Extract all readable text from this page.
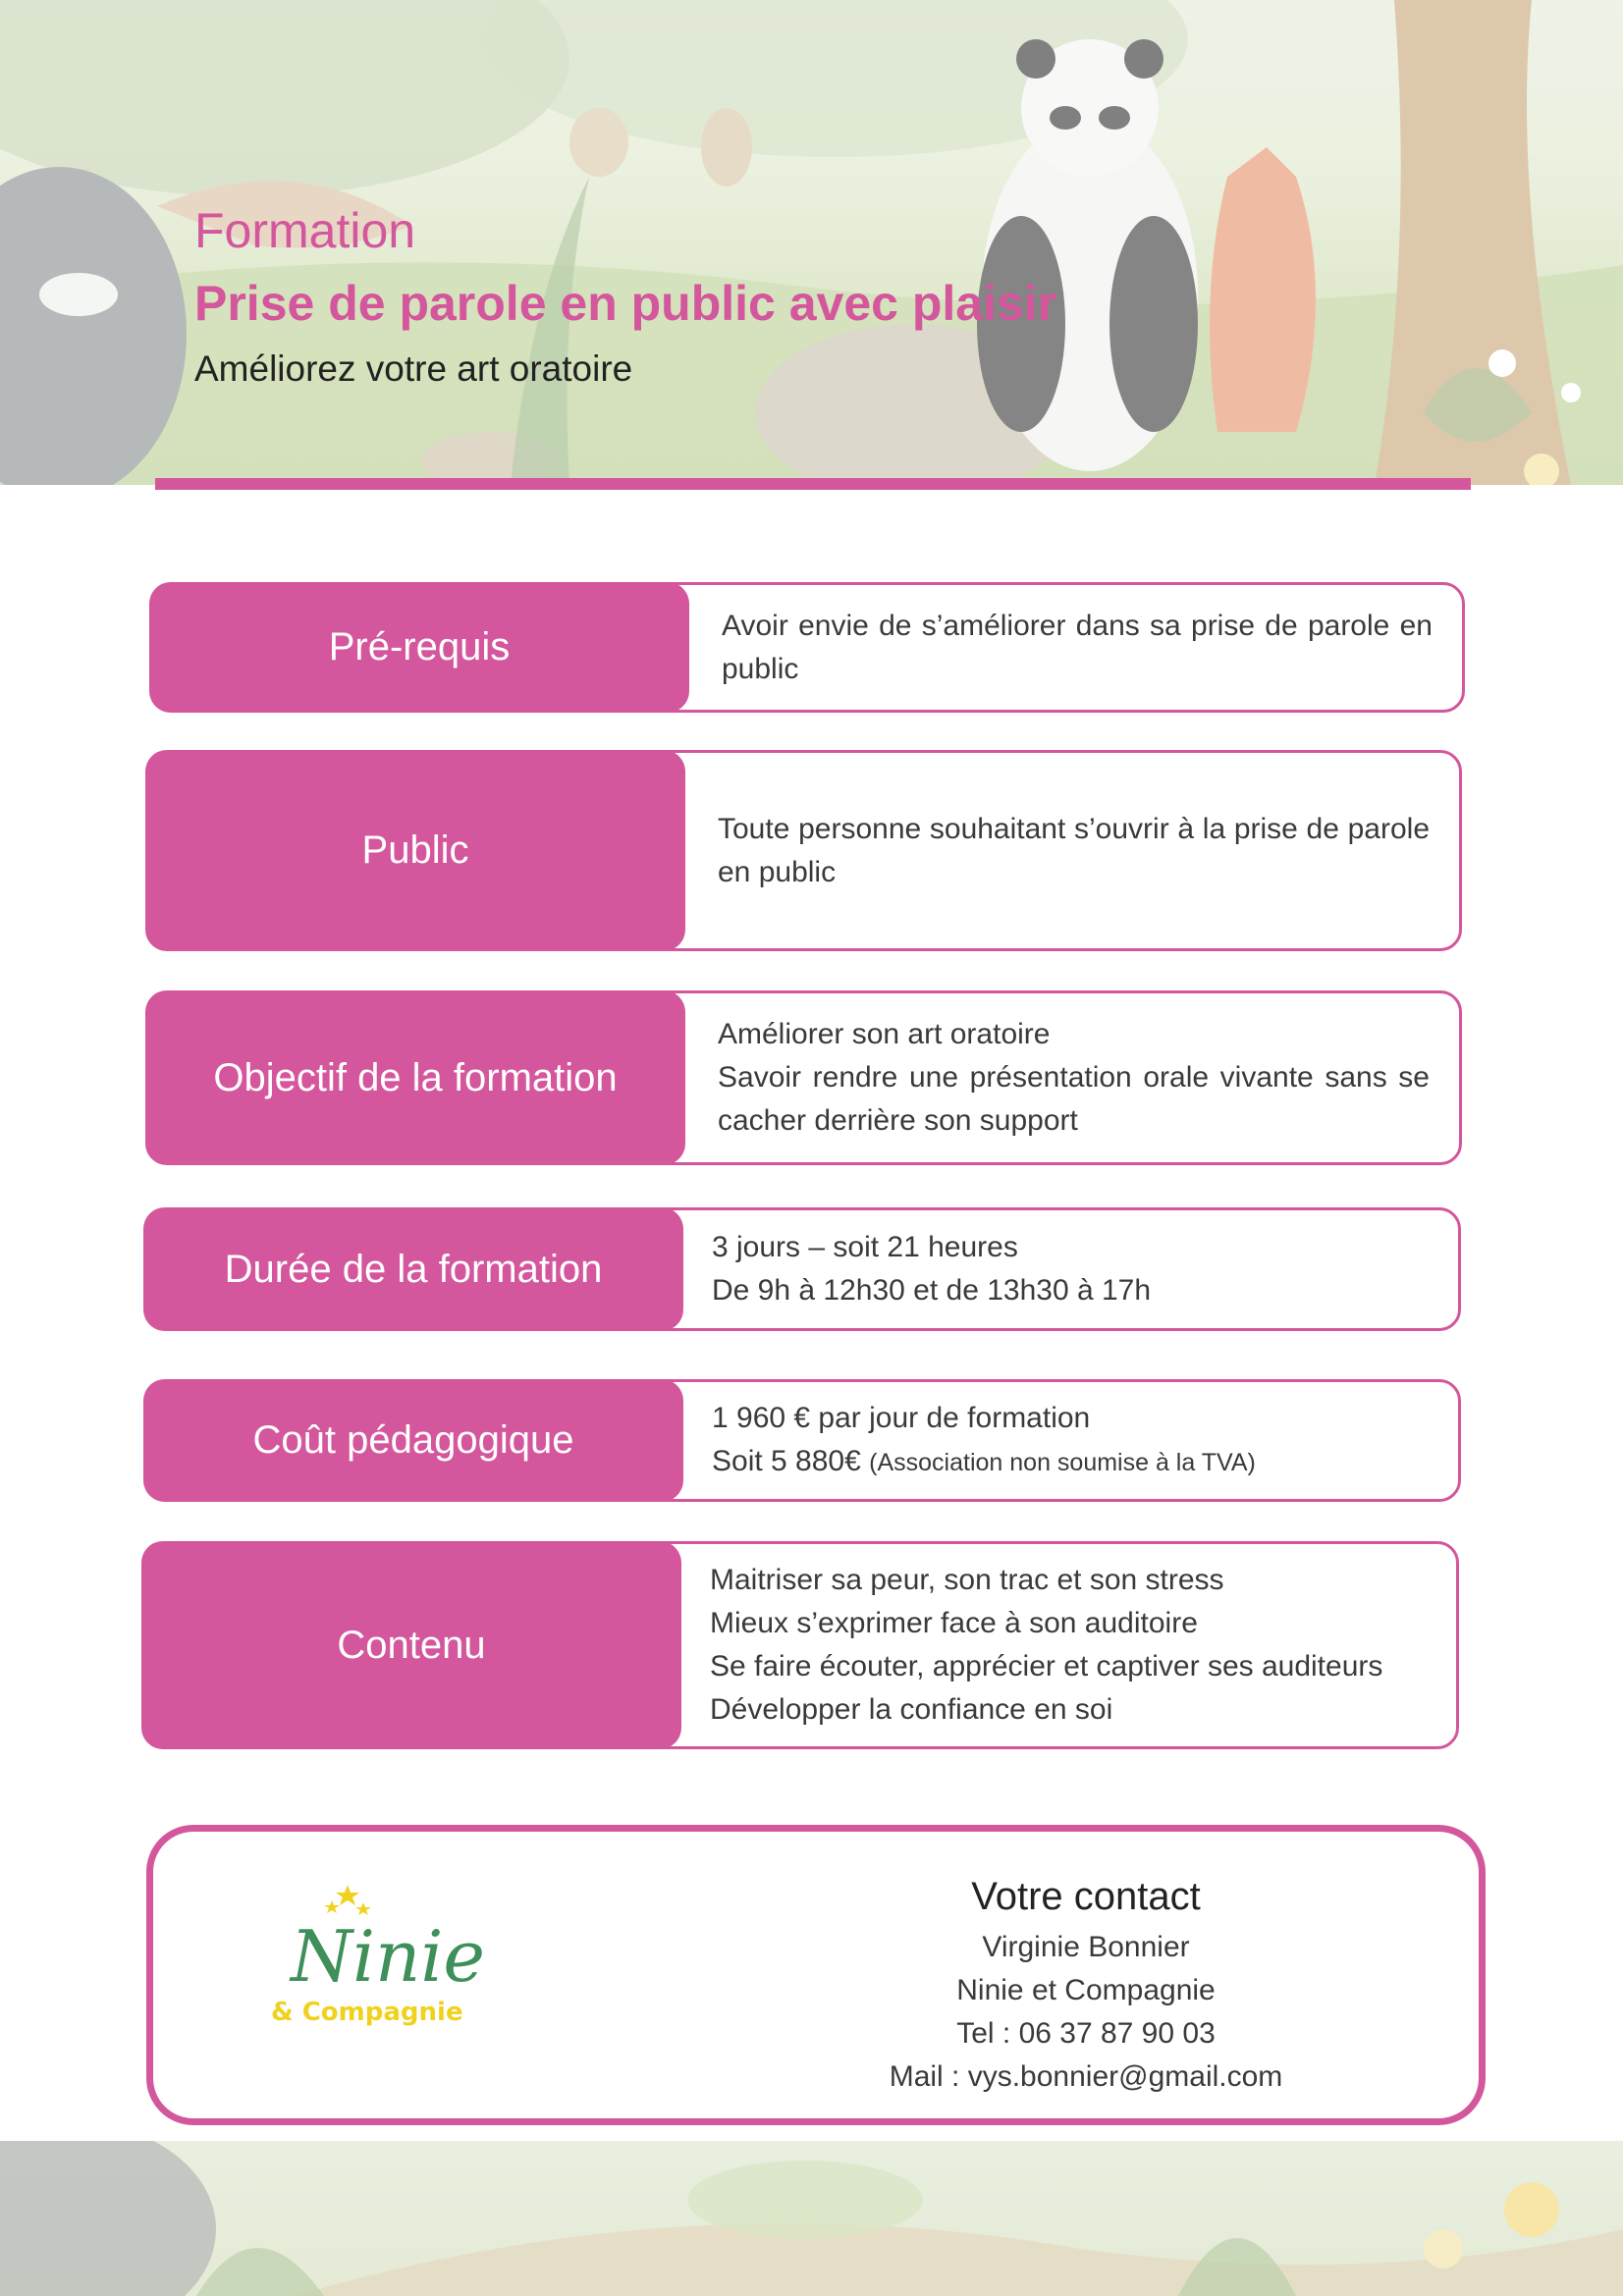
Formation
Prise de parole en public avec plaisir
Améliorez votre art oratoire
Avoir envie de s’améliorer dans sa prise de parole en public
Pré-requis
Toute personne souhaitant s’ouvrir à la prise de parole en public
Public
Améliorer son art oratoire
Savoir rendre une présentation orale vivante sans se cacher derrière son support
Objectif de la formation
3 jours – soit 21 heures
De 9h à 12h30 et de 13h30 à 17h
Durée de la formation
1 960 € par jour de formation
Soit 5 880€ (Association non soumise à la TVA)
Coût pédagogique
Maitriser sa peur, son trac et son stress
Mieux s’exprimer face à son auditoire
Se faire écouter, apprécier et captiver ses auditeurs
Développer la confiance en soi
Contenu
Ninie
& Compagnie
Votre contact
Virginie Bonnier
Ninie et Compagnie
Tel : 06 37 87 90 03
Mail : vys.bonnier@gmail.com
